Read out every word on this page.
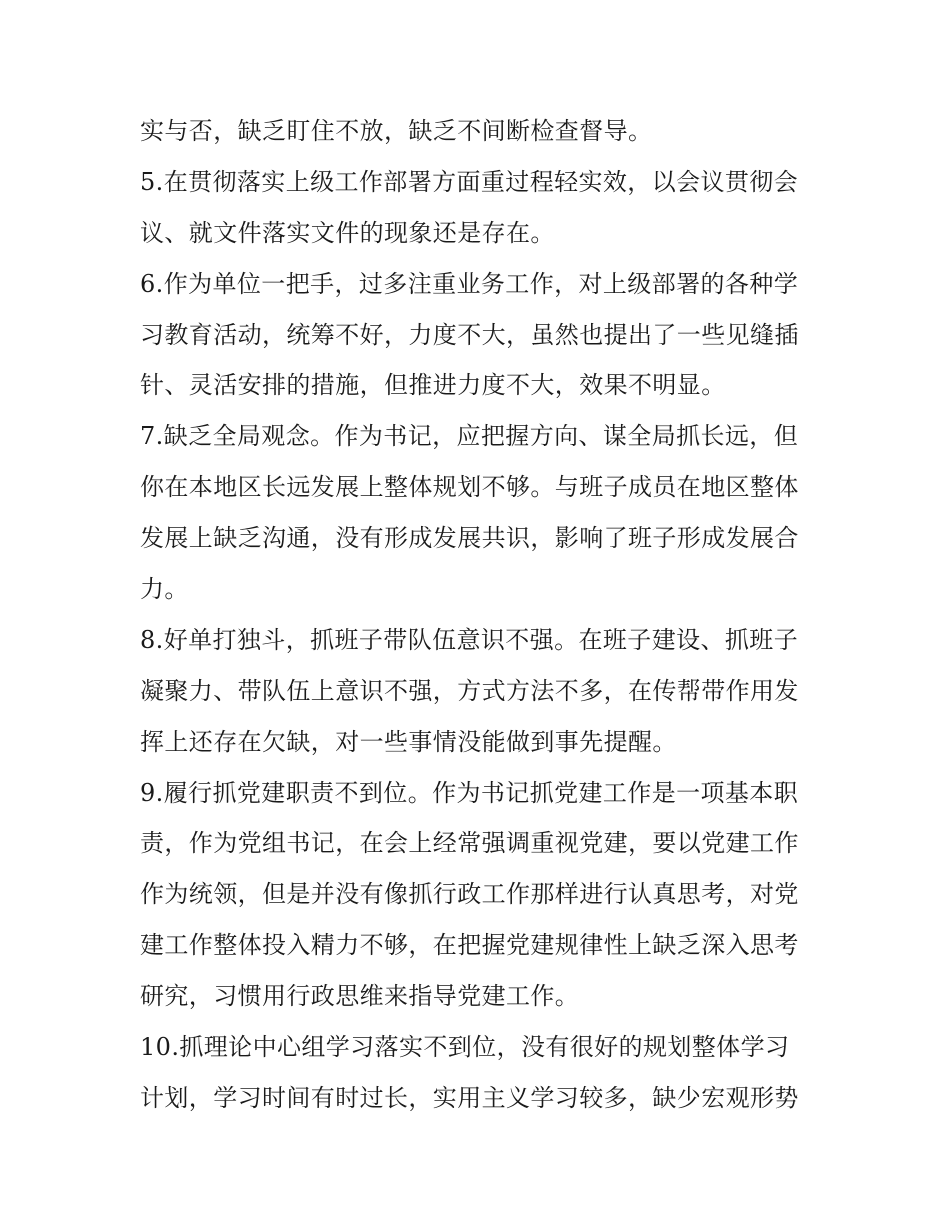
实与否，缺乏盯住不放，缺乏不间断检查督导。
5.在贯彻落实上级工作部署方面重过程轻实效，以会议贯彻会
议、就文件落实文件的现象还是存在。
6.作为单位一把手，过多注重业务工作，对上级部署的各种学
习教育活动，统筹不好，力度不大，虽然也提出了一些见缝插
针、灵活安排的措施，但推进力度不大，效果不明显。
7.缺乏全局观念。作为书记，应把握方向、谋全局抓长远，但
你在本地区长远发展上整体规划不够。与班子成员在地区整体
发展上缺乏沟通，没有形成发展共识，影响了班子形成发展合
力。
8.好单打独斗，抓班子带队伍意识不强。在班子建设、抓班子
凝聚力、带队伍上意识不强，方式方法不多，在传帮带作用发
挥上还存在欠缺，对一些事情没能做到事先提醒。
9.履行抓党建职责不到位。作为书记抓党建工作是一项基本职
责，作为党组书记，在会上经常强调重视党建，要以党建工作
作为统领，但是并没有像抓行政工作那样进行认真思考，对党
建工作整体投入精力不够，在把握党建规律性上缺乏深入思考
研究，习惯用行政思维来指导党建工作。
10.抓理论中心组学习落实不到位，没有很好的规划整体学习
计划，学习时间有时过长，实用主义学习较多，缺少宏观形势
